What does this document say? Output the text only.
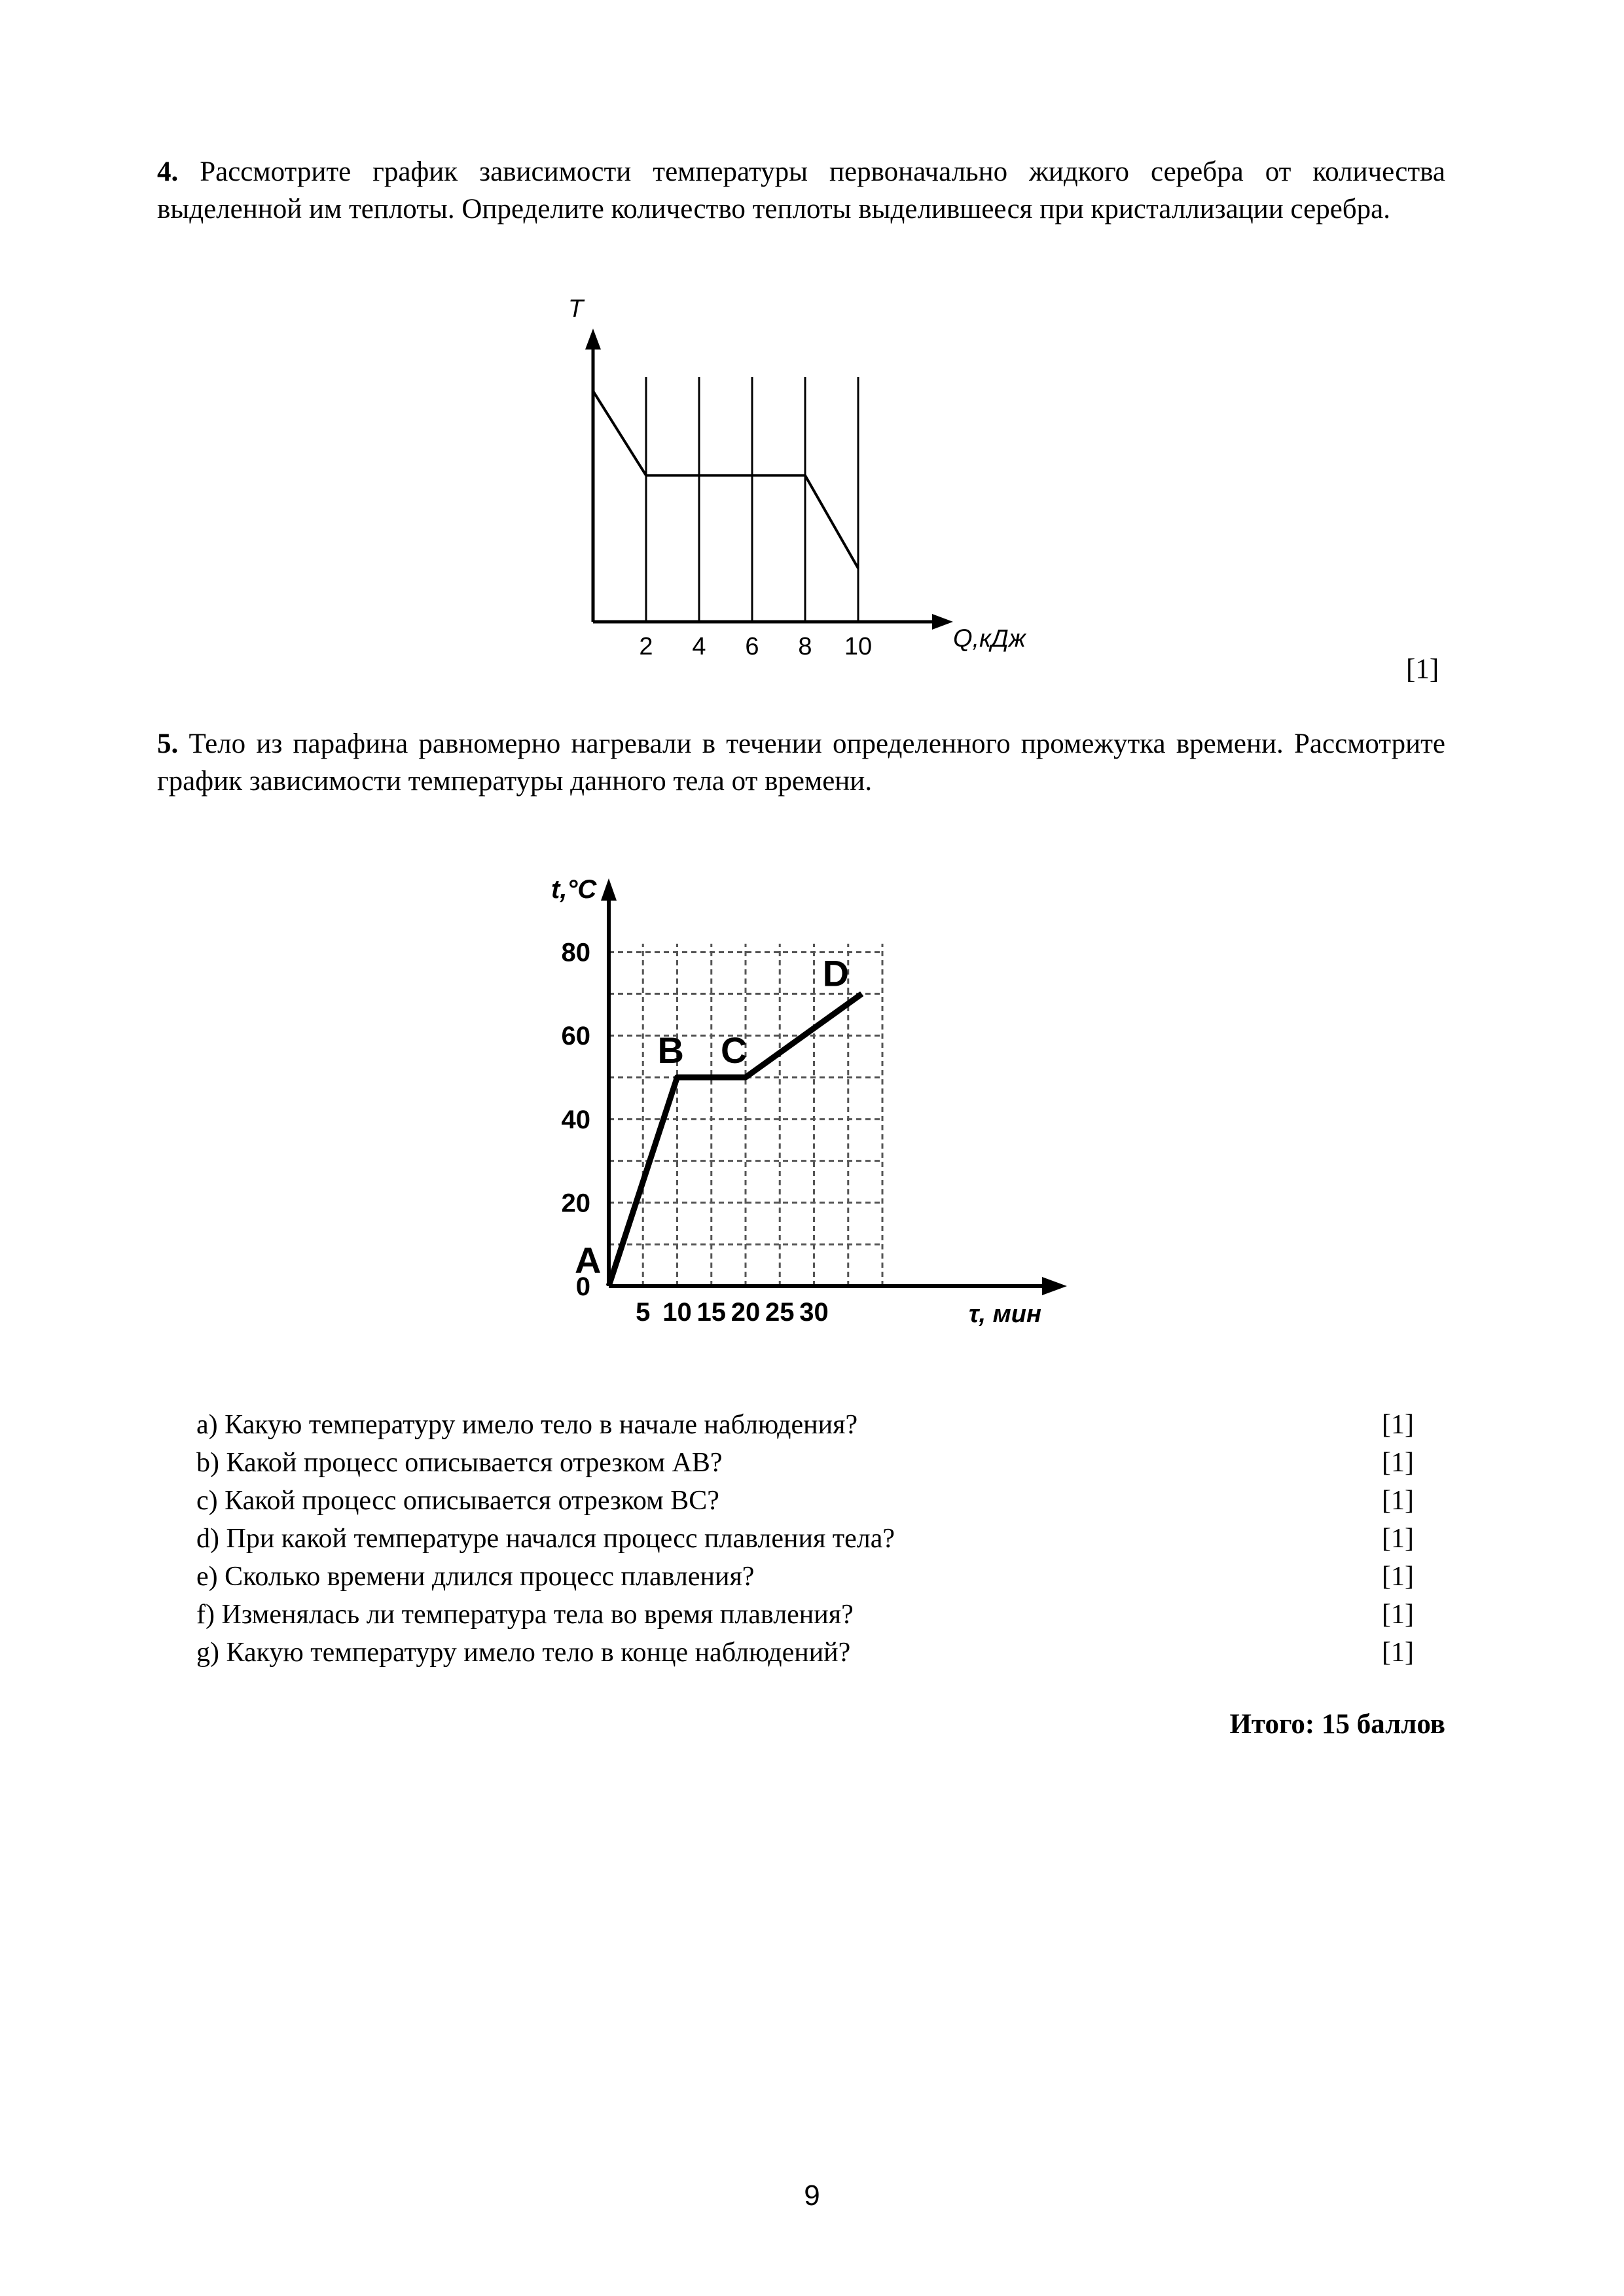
4. Рассмотрите график зависимости температуры первоначально жидкого серебра от количества выделенной им теплоты. Определите количество теплоты выделившееся при кристаллизации серебра.
T
2 4 6 8 10	Q,кДж
[1]
5. Тело из парафина равномерно нагревали в течении определенного промежутка времени. Рассмотрите график зависимости температуры данного тела от времени.
t,°C
0
20
40
60
80
5 10 15 20 25 30	τ, мин
A
B C
D
a) Какую температуру имело тело в начале наблюдения?	[1]
b) Какой процесс описывается отрезком АВ?	[1]
c) Какой процесс описывается отрезком ВС?	[1]
d) При какой температуре начался процесс плавления тела?	[1]
e) Сколько времени длился процесс плавления?	[1]
f) Изменялась ли температура тела во время плавления?	[1]
g) Какую температуру имело тело в конце наблюдений?	[1]
Итого: 15 баллов
9
